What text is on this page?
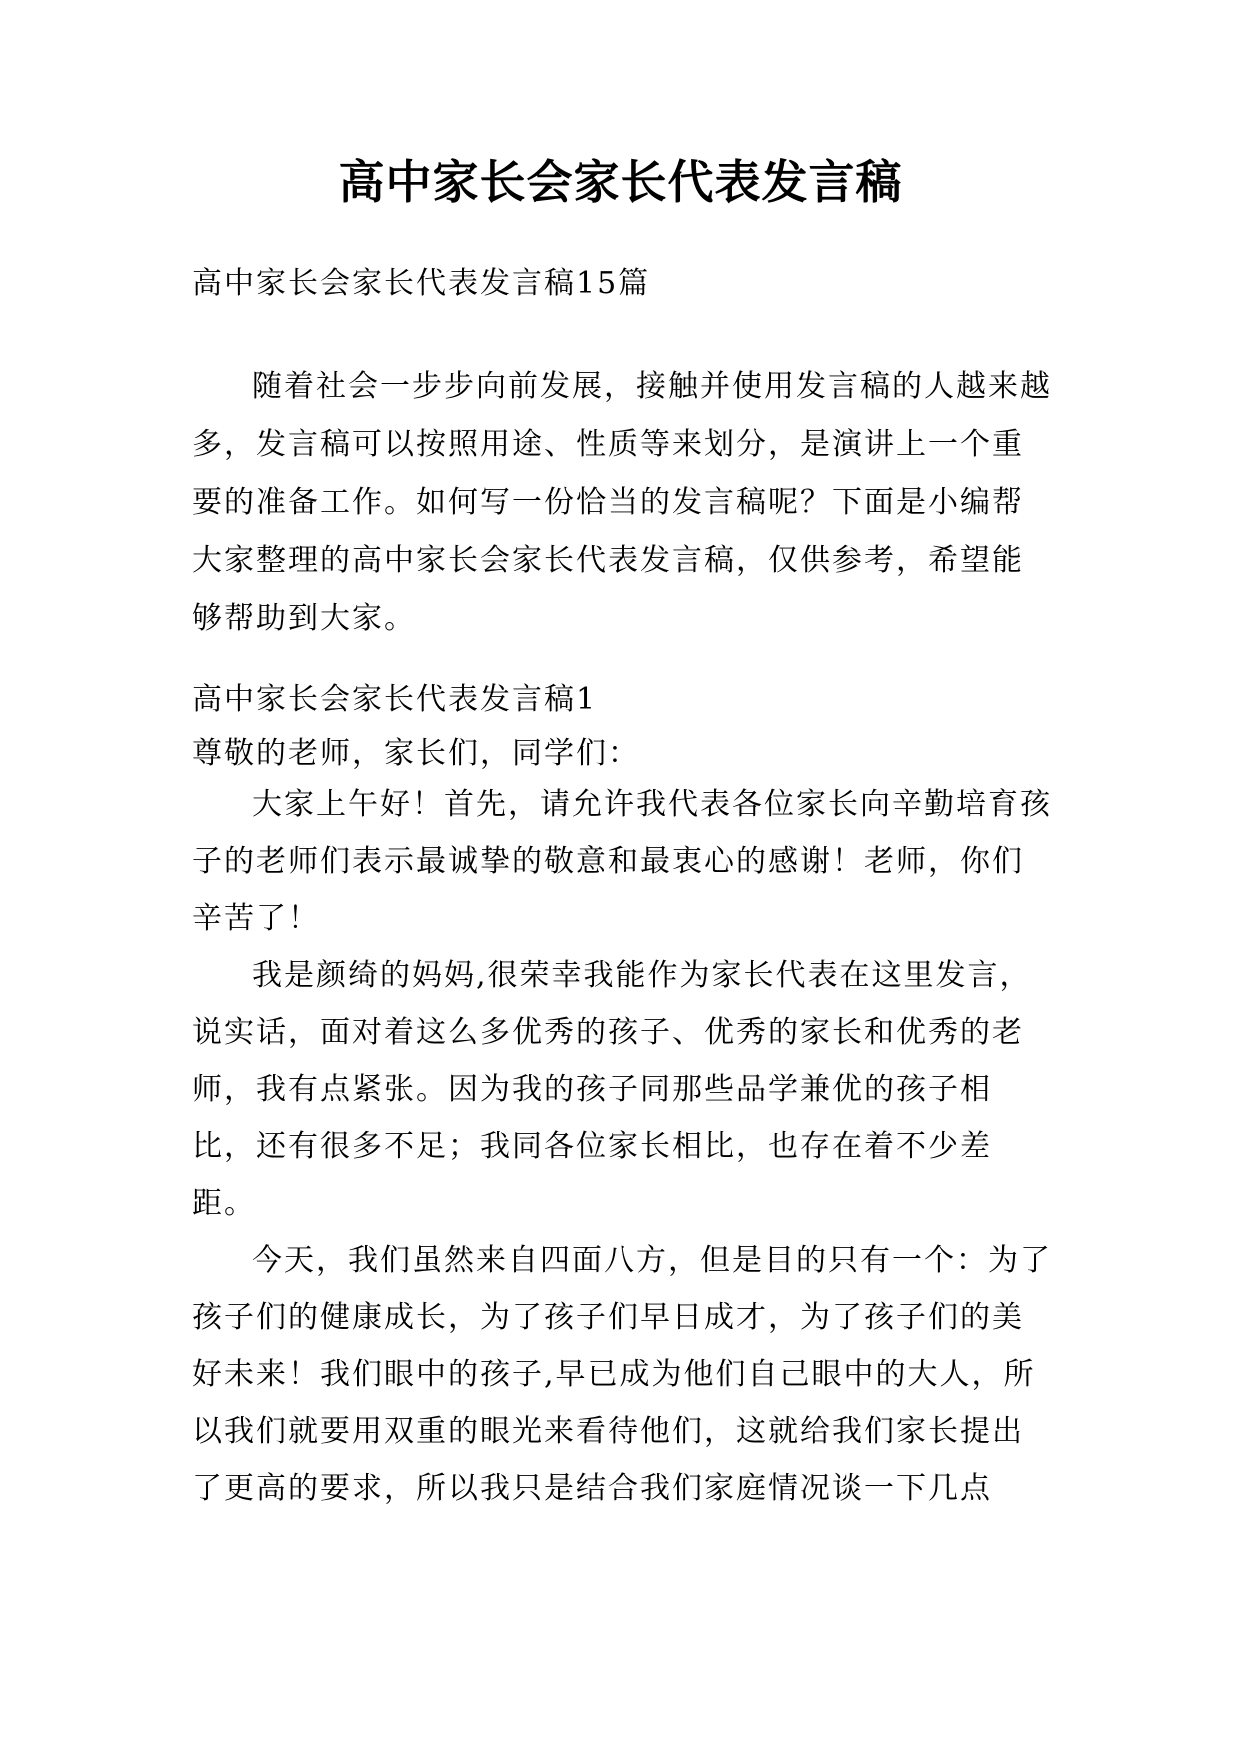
高中家长会家长代表发言稿
高中家长会家长代表发言稿15篇

随着社会一步步向前发展，接触并使用发言稿的人越来越多，发言稿可以按照用途、性质等来划分，是演讲上一个重要的准备工作。如何写一份恰当的发言稿呢？下面是小编帮大家整理的高中家长会家长代表发言稿，仅供参考，希望能够帮助到大家。

高中家长会家长代表发言稿1
尊敬的老师，家长们，同学们：

大家上午好！首先，请允许我代表各位家长向辛勤培育孩子的老师们表示最诚挚的敬意和最衷心的感谢！老师，你们辛苦了！

我是颜绮的妈妈,很荣幸我能作为家长代表在这里发言，说实话，面对着这么多优秀的孩子、优秀的家长和优秀的老师，我有点紧张。因为我的孩子同那些品学兼优的孩子相比，还有很多不足；我同各位家长相比，也存在着不少差距。

今天，我们虽然来自四面八方，但是目的只有一个：为了孩子们的健康成长，为了孩子们早日成才，为了孩子们的美好未来！我们眼中的孩子,早已成为他们自己眼中的大人，所以我们就要用双重的眼光来看待他们，这就给我们家长提出了更高的要求，所以我只是结合我们家庭情况谈一下几点
